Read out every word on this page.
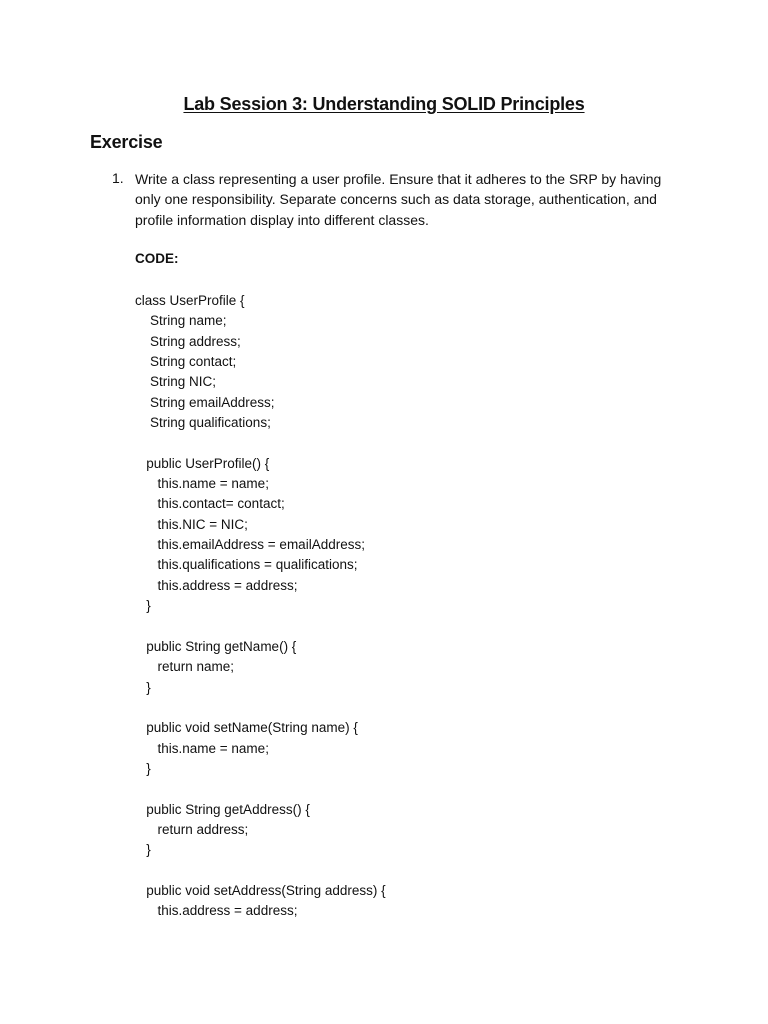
Lab Session 3: Understanding SOLID Principles
Exercise
1. Write a class representing a user profile. Ensure that it adheres to the SRP by having
only one responsibility. Separate concerns such as data storage, authentication, and
profile information display into different classes.
CODE:
class UserProfile {
String name;
String address;
String contact;
String NIC;
String emailAddress;
String qualifications;
public UserProfile() {
this.name = name;
this.contact= contact;
this.NIC = NIC;
this.emailAddress = emailAddress;
this.qualifications = qualifications;
this.address = address;
}
public String getName() {
return name;
}
public void setName(String name) {
this.name = name;
}
public String getAddress() {
return address;
}
public void setAddress(String address) {
this.address = address;
